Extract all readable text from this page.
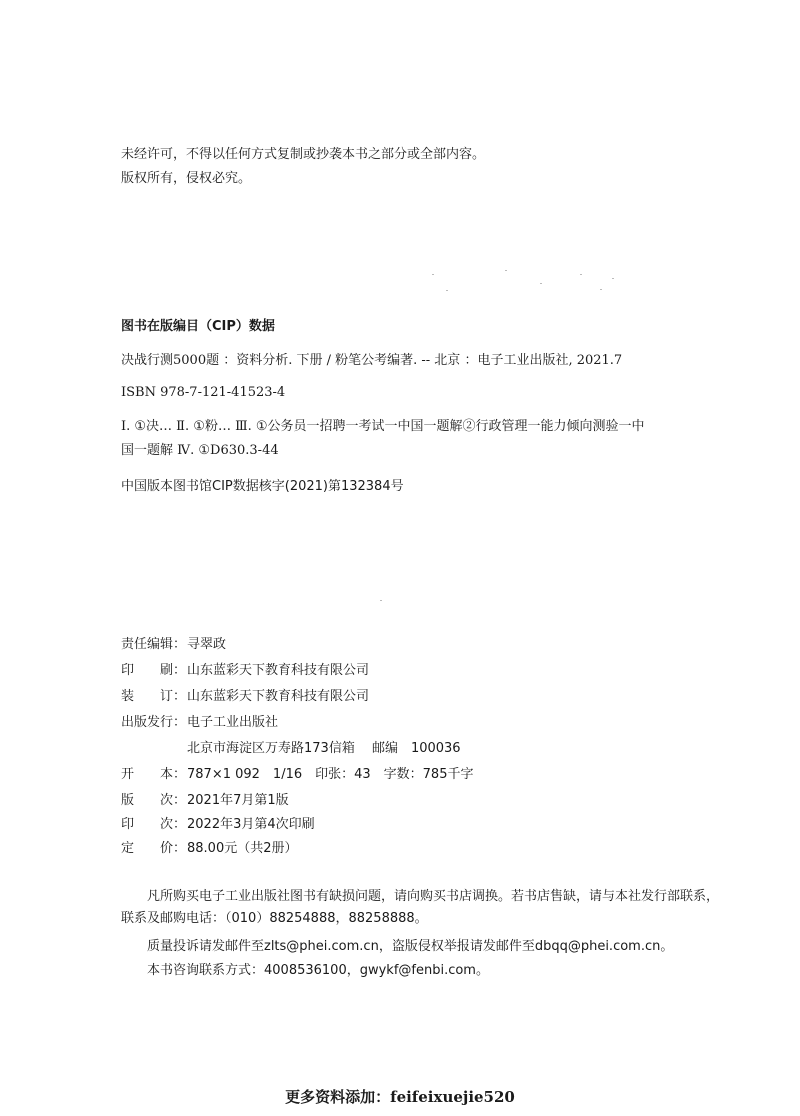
未经许可，不得以任何方式复制或抄袭本书之部分或全部内容。
版权所有，侵权必究。
图书在版编目（CIP）数据
决战行测5000题 ：资料分析. 下册 / 粉笔公考编著. -- 北京 ：电子工业出版社, 2021.7
ISBN 978-7-121-41523-4
Ⅰ. ①决… Ⅱ. ①粉… Ⅲ. ①公务员一招聘一考试一中国一题解②行政管理一能力倾向测验一中
国一题解 Ⅳ. ①D630.3-44
中国版本图书馆CIP数据核字(2021)第132384号
责任编辑：寻翠政
印　　刷：山东蓝彩天下教育科技有限公司
装　　订：山东蓝彩天下教育科技有限公司
出版发行：电子工业出版社
北京市海淀区万寿路173信箱　 邮编　100036
开　　本：787×1 092　1/16　印张：43　字数：785千字
版　　次：2021年7月第1版
印　　次：2022年3月第4次印刷
定　　价：88.00元（共2册）
凡所购买电子工业出版社图书有缺损问题，请向购买书店调换。若书店售缺，请与本社发行部联系，联系及邮购电话：（010）88254888，88258888。
质量投诉请发邮件至zlts@phei.com.cn，盗版侵权举报请发邮件至dbqq@phei.com.cn。
本书咨询联系方式：4008536100，gwykf@fenbi.com。
更多资料添加：feifeixuejie520
